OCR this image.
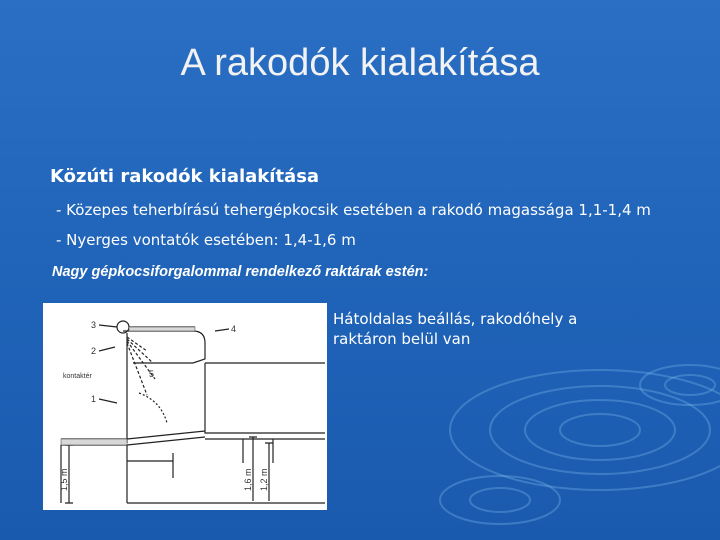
A rakodók kialakítása
Közúti rakodók kialakítása
- Közepes teherbírású tehergépkocsik esetében a rakodó magassága 1,1-1,4 m
- Nyerges vontatók esetében: 1,4-1,6 m
Nagy gépkocsiforgalommal rendelkező raktárak estén:
3
2
1
4
5
kontaktér
1,5 m	1,6 m 1,2 m
Hátoldalas beállás, rakodóhely a raktáron belül van
